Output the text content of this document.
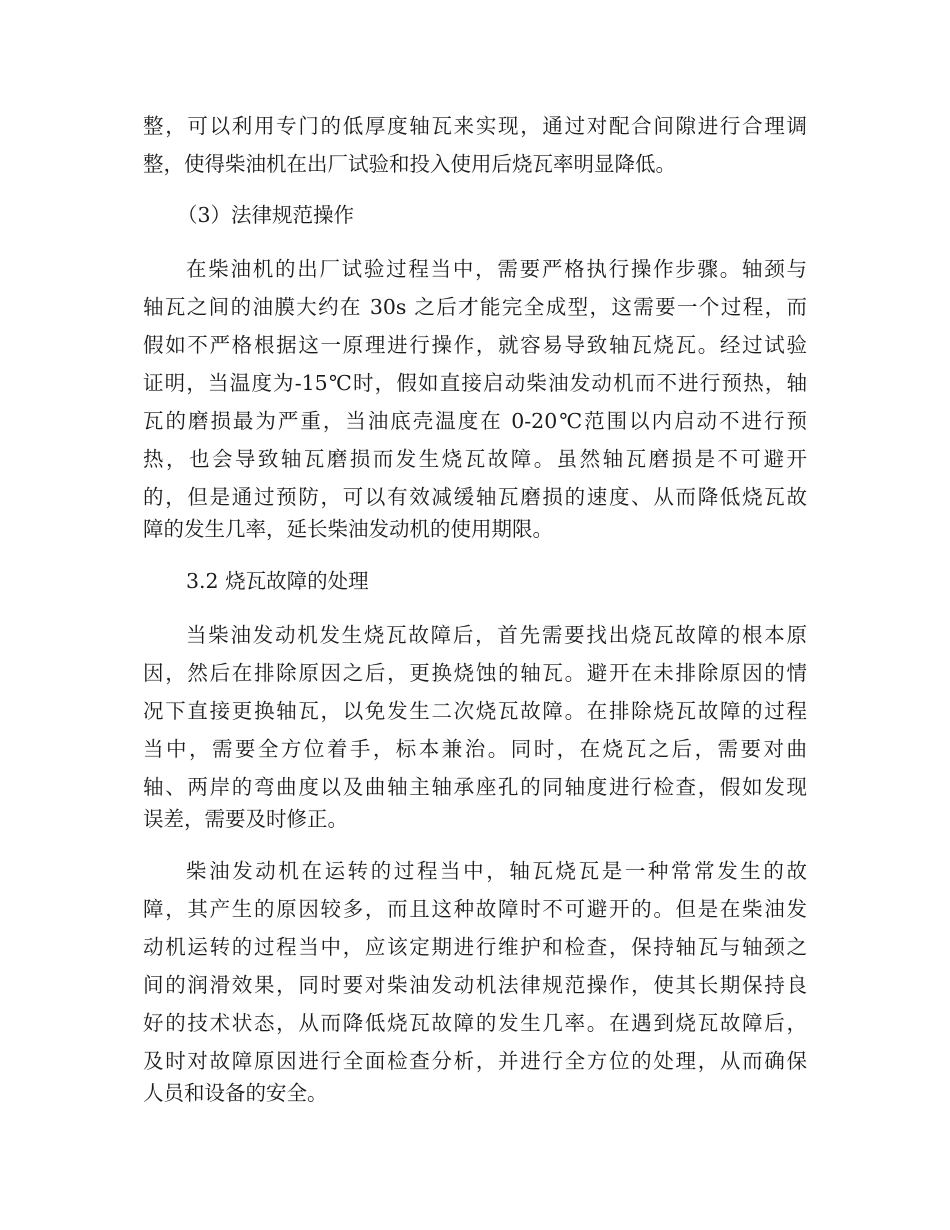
整，可以利用专门的低厚度轴瓦来实现，通过对配合间隙进行合理调
整，使得柴油机在出厂试验和投入使用后烧瓦率明显降低。
（3）法律规范操作
在柴油机的出厂试验过程当中，需要严格执行操作步骤。轴颈与
轴瓦之间的油膜大约在 30s 之后才能完全成型，这需要一个过程，而
假如不严格根据这一原理进行操作，就容易导致轴瓦烧瓦。经过试验
证明，当温度为-15℃时，假如直接启动柴油发动机而不进行预热，轴
瓦的磨损最为严重，当油底壳温度在 0-20℃范围以内启动不进行预
热，也会导致轴瓦磨损而发生烧瓦故障。虽然轴瓦磨损是不可避开
的，但是通过预防，可以有效减缓轴瓦磨损的速度、从而降低烧瓦故
障的发生几率，延长柴油发动机的使用期限。
3.2 烧瓦故障的处理
当柴油发动机发生烧瓦故障后，首先需要找出烧瓦故障的根本原
因，然后在排除原因之后，更换烧蚀的轴瓦。避开在未排除原因的情
况下直接更换轴瓦，以免发生二次烧瓦故障。在排除烧瓦故障的过程
当中，需要全方位着手，标本兼治。同时，在烧瓦之后，需要对曲
轴、两岸的弯曲度以及曲轴主轴承座孔的同轴度进行检查，假如发现
误差，需要及时修正。
柴油发动机在运转的过程当中，轴瓦烧瓦是一种常常发生的故
障，其产生的原因较多，而且这种故障时不可避开的。但是在柴油发
动机运转的过程当中，应该定期进行维护和检查，保持轴瓦与轴颈之
间的润滑效果，同时要对柴油发动机法律规范操作，使其长期保持良
好的技术状态，从而降低烧瓦故障的发生几率。在遇到烧瓦故障后，
及时对故障原因进行全面检查分析，并进行全方位的处理，从而确保
人员和设备的安全。
